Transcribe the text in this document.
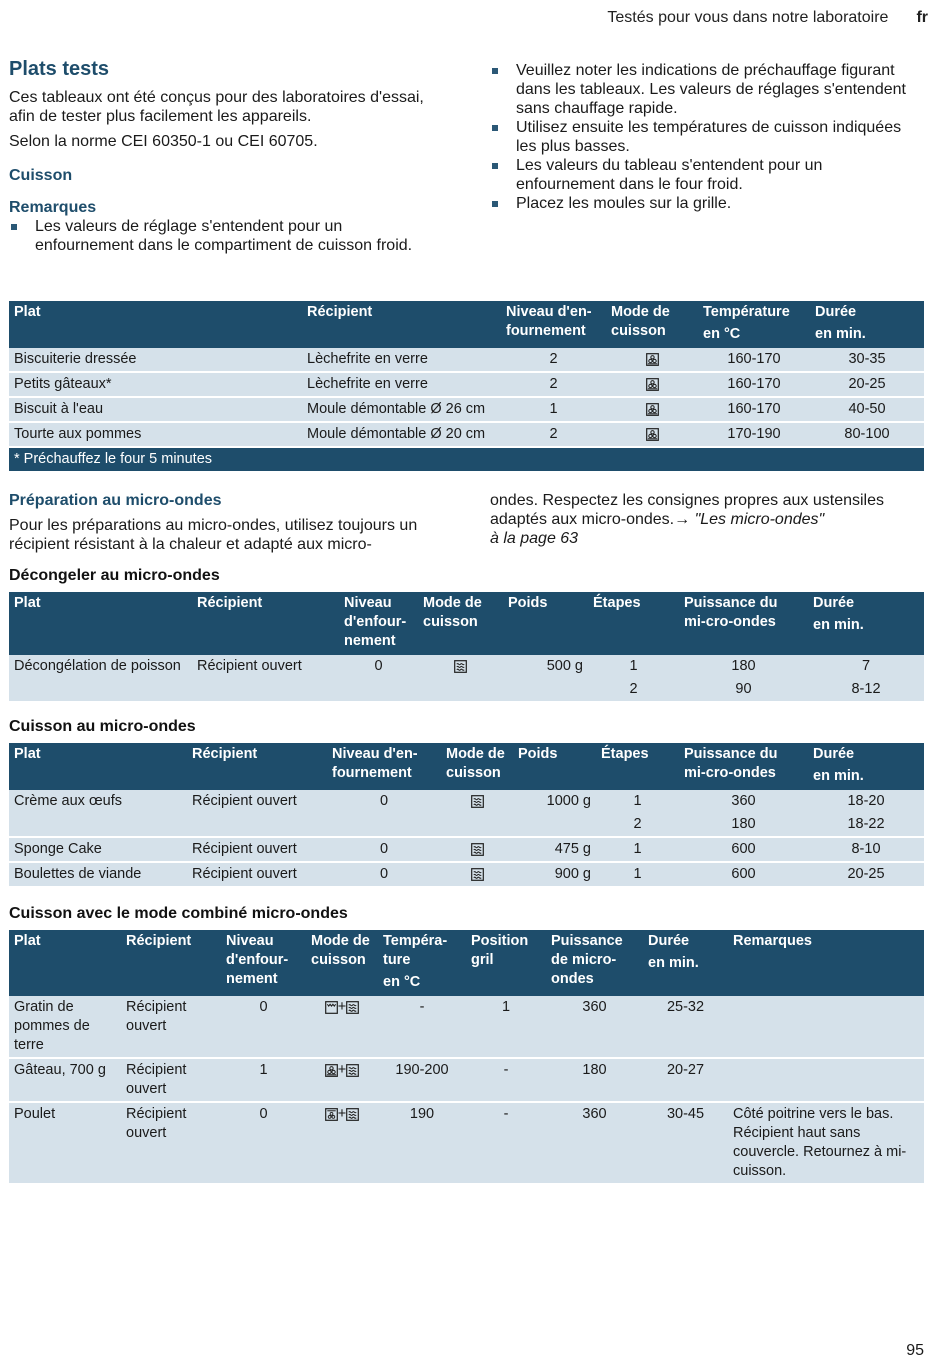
Testés pour vous dans notre laboratoire fr
Plats tests

Ces tableaux ont été conçus pour des laboratoires d'essai, afin de tester plus facilement les appareils.

Selon la norme CEI 60350-1 ou CEI 60705.

Cuisson
Remarques
Les valeurs de réglage s'entendent pour un enfournement dans le compartiment de cuisson froid.
Veuillez noter les indications de préchauffage figurant dans les tableaux. Les valeurs de réglages s'entendent sans chauffage rapide.
Utilisez ensuite les températures de cuisson indiquées les plus basses.
Les valeurs du tableau s'entendent pour un enfournement dans le four froid.
Placez les moules sur la grille.
Plat	Récipient	Niveau d'en-fournement	Mode de cuisson	Température
en °C	Durée
en min.

Biscuiterie dressée	Lèchefrite en verre	2		160-170	30-35
Petits gâteaux*	Lèchefrite en verre	2		160-170	20-25
Biscuit à l'eau	Moule démontable Ø 26 cm	1		160-170	40-50
Tourte aux pommes	Moule démontable Ø 20 cm	2		170-190	80-100
* Préchauffez le four 5 minutes					
Préparation au micro-ondes

Pour les préparations au micro-ondes, utilisez toujours un récipient résistant à la chaleur et adapté aux micro-

ondes. Respectez les consignes propres aux ustensiles adaptés aux micro-ondes.→ "Les micro-ondes"
à la page 63

Décongeler au micro-ondes
Plat	Récipient	Niveau d'enfour-nement	Mode de cuisson	Poids	Étapes	Puissance du mi-cro-ondes	Durée
en min.

Décongélation de poisson	Récipient ouvert	0		500 g	1	180	7
					2	90	8-12
Cuisson au micro-ondes
Plat	Récipient	Niveau d'en-fournement	Mode de cuisson	Poids	Étapes	Puissance du mi-cro-ondes	Durée
en min.

Crème aux œufs	Récipient ouvert	0		1000 g	1	360	18-20
					2	180	18-22
Sponge Cake	Récipient ouvert	0		475 g	1	600	8-10
Boulettes de viande	Récipient ouvert	0		900 g	1	600	20-25
Cuisson avec le mode combiné micro-ondes
Plat	Récipient	Niveau d'enfour-nement	Mode de cuisson	Tempéra-ture
en °C	Position gril	Puissance de micro-ondes	Durée
en min.	Remarques
Gratin de pommes de terre	Récipient ouvert	0	+	-	1	360	25-32	
Gâteau, 700 g	Récipient ouvert	1	+	190-200	-	180	20-27	
Poulet	Récipient ouvert	0	+	190	-	360	30-45	Côté poitrine vers le bas. Récipient haut sans couvercle. Retournez à mi-cuisson.
95
